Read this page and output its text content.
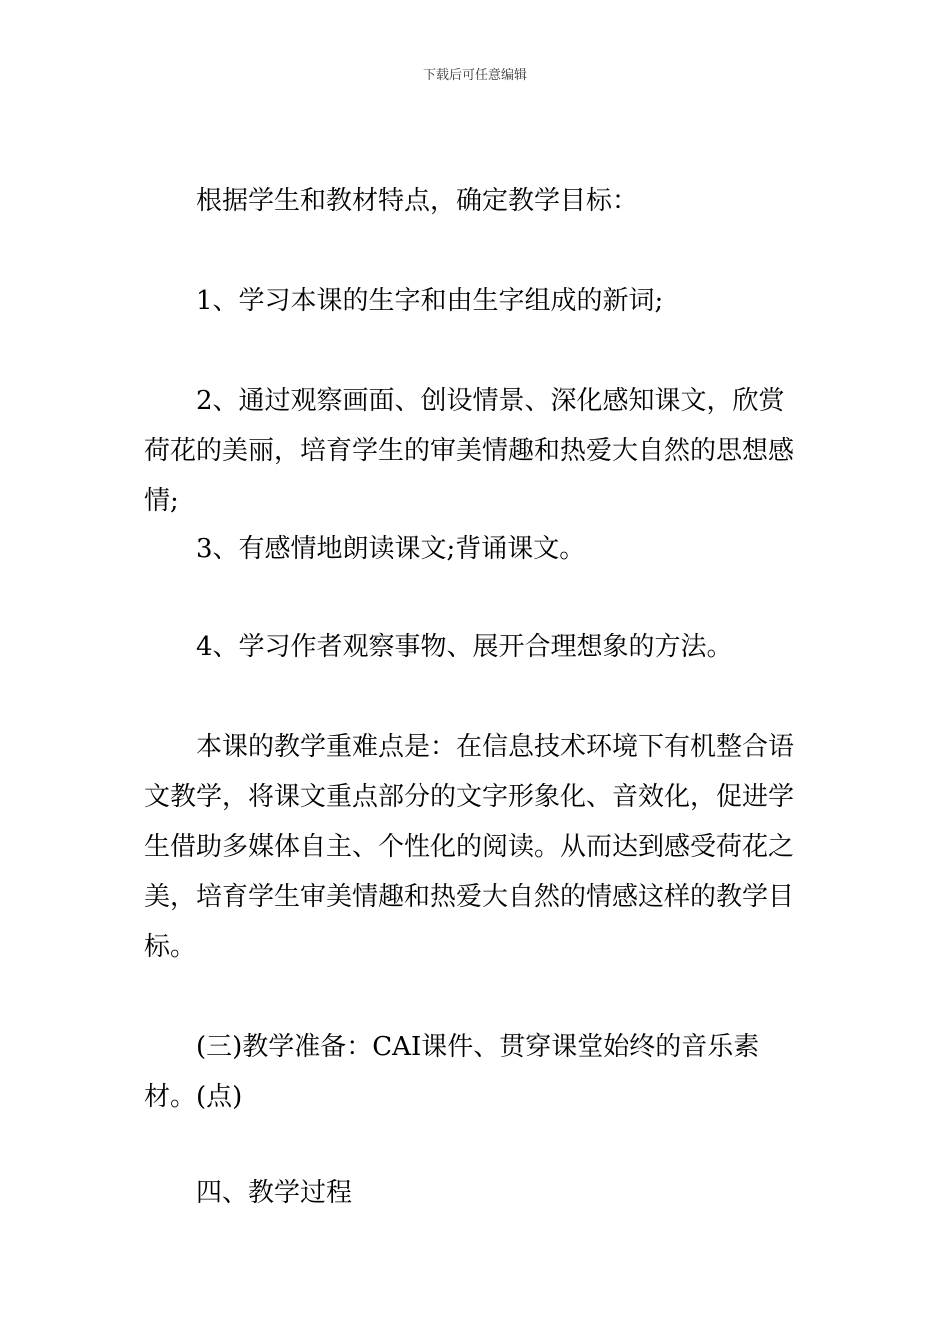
下载后可任意编辑

根据学生和教材特点，确定教学目标：

1、学习本课的生字和由生字组成的新词;

2、通过观察画面、创设情景、深化感知课文，欣赏荷花的美丽，培育学生的审美情趣和热爱大自然的思想感情;

3、有感情地朗读课文;背诵课文。

4、学习作者观察事物、展开合理想象的方法。

本课的教学重难点是：在信息技术环境下有机整合语文教学，将课文重点部分的文字形象化、音效化，促进学生借助多媒体自主、个性化的阅读。从而达到感受荷花之美，培育学生审美情趣和热爱大自然的情感这样的教学目标。

(三)教学准备：CAI课件、贯穿课堂始终的音乐素材。(点)

四、教学过程
